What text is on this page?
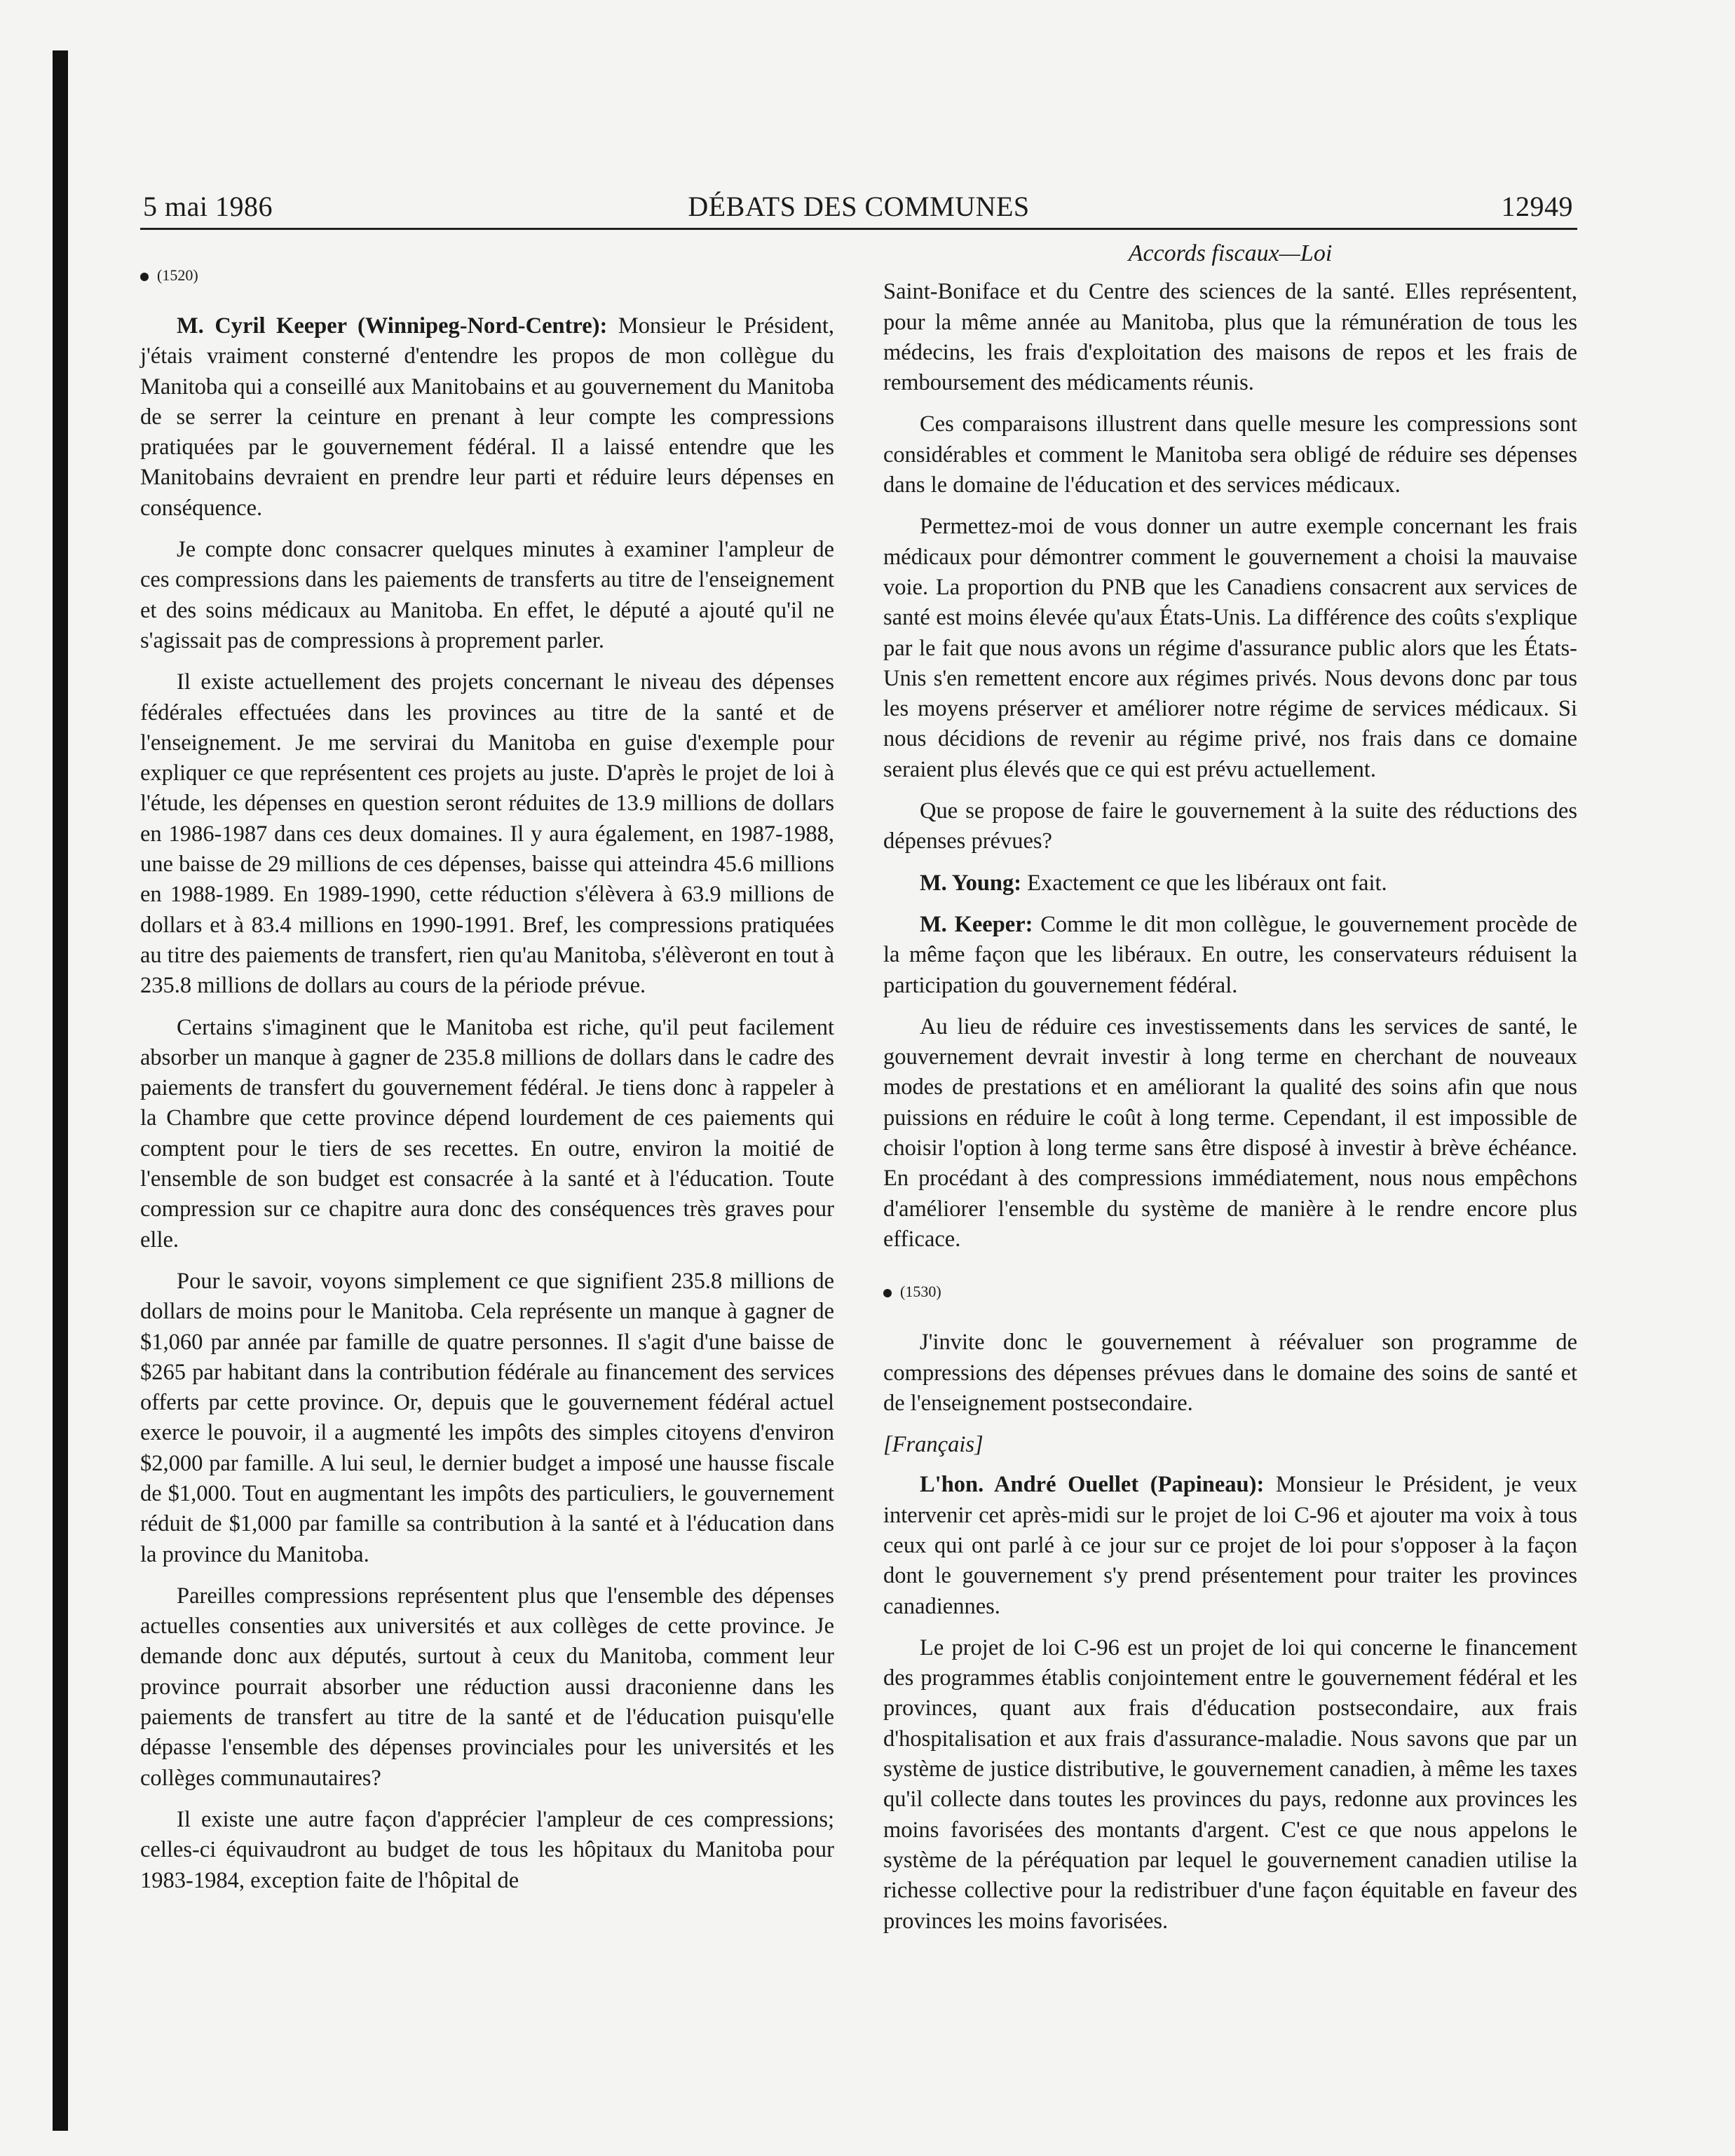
5 mai 1986	DÉBATS DES COMMUNES	12949
(1520)

M. Cyril Keeper (Winnipeg-Nord-Centre): Monsieur le Président, j'étais vraiment consterné d'entendre les propos de mon collègue du Manitoba qui a conseillé aux Manitobains et au gouvernement du Manitoba de se serrer la ceinture en prenant à leur compte les compressions pratiquées par le gouvernement fédéral. Il a laissé entendre que les Manitobains devraient en prendre leur parti et réduire leurs dépenses en conséquence.

Je compte donc consacrer quelques minutes à examiner l'ampleur de ces compressions dans les paiements de transferts au titre de l'enseignement et des soins médicaux au Manitoba. En effet, le député a ajouté qu'il ne s'agissait pas de compressions à proprement parler.

Il existe actuellement des projets concernant le niveau des dépenses fédérales effectuées dans les provinces au titre de la santé et de l'enseignement. Je me servirai du Manitoba en guise d'exemple pour expliquer ce que représentent ces projets au juste. D'après le projet de loi à l'étude, les dépenses en question seront réduites de 13.9 millions de dollars en 1986-1987 dans ces deux domaines. Il y aura également, en 1987-1988, une baisse de 29 millions de ces dépenses, baisse qui atteindra 45.6 millions en 1988-1989. En 1989-1990, cette réduction s'élèvera à 63.9 millions de dollars et à 83.4 millions en 1990-1991. Bref, les compressions pratiquées au titre des paiements de transfert, rien qu'au Manitoba, s'élèveront en tout à 235.8 millions de dollars au cours de la période prévue.

Certains s'imaginent que le Manitoba est riche, qu'il peut facilement absorber un manque à gagner de 235.8 millions de dollars dans le cadre des paiements de transfert du gouvernement fédéral. Je tiens donc à rappeler à la Chambre que cette province dépend lourdement de ces paiements qui comptent pour le tiers de ses recettes. En outre, environ la moitié de l'ensemble de son budget est consacrée à la santé et à l'éducation. Toute compression sur ce chapitre aura donc des conséquences très graves pour elle.

Pour le savoir, voyons simplement ce que signifient 235.8 millions de dollars de moins pour le Manitoba. Cela représente un manque à gagner de $1,060 par année par famille de quatre personnes. Il s'agit d'une baisse de $265 par habitant dans la contribution fédérale au financement des services offerts par cette province. Or, depuis que le gouvernement fédéral actuel exerce le pouvoir, il a augmenté les impôts des simples citoyens d'environ $2,000 par famille. A lui seul, le dernier budget a imposé une hausse fiscale de $1,000. Tout en augmentant les impôts des particuliers, le gouvernement réduit de $1,000 par famille sa contribution à la santé et à l'éducation dans la province du Manitoba.

Pareilles compressions représentent plus que l'ensemble des dépenses actuelles consenties aux universités et aux collèges de cette province. Je demande donc aux députés, surtout à ceux du Manitoba, comment leur province pourrait absorber une réduction aussi draconienne dans les paiements de transfert au titre de la santé et de l'éducation puisqu'elle dépasse l'ensemble des dépenses provinciales pour les universités et les collèges communautaires?

Il existe une autre façon d'apprécier l'ampleur de ces compressions; celles-ci équivaudront au budget de tous les hôpitaux du Manitoba pour 1983-1984, exception faite de l'hôpital de

Accords fiscaux—Loi

Saint-Boniface et du Centre des sciences de la santé. Elles représentent, pour la même année au Manitoba, plus que la rémunération de tous les médecins, les frais d'exploitation des maisons de repos et les frais de remboursement des médicaments réunis.

Ces comparaisons illustrent dans quelle mesure les compressions sont considérables et comment le Manitoba sera obligé de réduire ses dépenses dans le domaine de l'éducation et des services médicaux.

Permettez-moi de vous donner un autre exemple concernant les frais médicaux pour démontrer comment le gouvernement a choisi la mauvaise voie. La proportion du PNB que les Canadiens consacrent aux services de santé est moins élevée qu'aux États-Unis. La différence des coûts s'explique par le fait que nous avons un régime d'assurance public alors que les États-Unis s'en remettent encore aux régimes privés. Nous devons donc par tous les moyens préserver et améliorer notre régime de services médicaux. Si nous décidions de revenir au régime privé, nos frais dans ce domaine seraient plus élevés que ce qui est prévu actuellement.

Que se propose de faire le gouvernement à la suite des réductions des dépenses prévues?

M. Young: Exactement ce que les libéraux ont fait.

M. Keeper: Comme le dit mon collègue, le gouvernement procède de la même façon que les libéraux. En outre, les conservateurs réduisent la participation du gouvernement fédéral.

Au lieu de réduire ces investissements dans les services de santé, le gouvernement devrait investir à long terme en cherchant de nouveaux modes de prestations et en améliorant la qualité des soins afin que nous puissions en réduire le coût à long terme. Cependant, il est impossible de choisir l'option à long terme sans être disposé à investir à brève échéance. En procédant à des compressions immédiatement, nous nous empêchons d'améliorer l'ensemble du système de manière à le rendre encore plus efficace.

(1530)

J'invite donc le gouvernement à réévaluer son programme de compressions des dépenses prévues dans le domaine des soins de santé et de l'enseignement postsecondaire.

[Français]

L'hon. André Ouellet (Papineau): Monsieur le Président, je veux intervenir cet après-midi sur le projet de loi C-96 et ajouter ma voix à tous ceux qui ont parlé à ce jour sur ce projet de loi pour s'opposer à la façon dont le gouvernement s'y prend présentement pour traiter les provinces canadiennes.

Le projet de loi C-96 est un projet de loi qui concerne le financement des programmes établis conjointement entre le gouvernement fédéral et les provinces, quant aux frais d'éducation postsecondaire, aux frais d'hospitalisation et aux frais d'assurance-maladie. Nous savons que par un système de justice distributive, le gouvernement canadien, à même les taxes qu'il collecte dans toutes les provinces du pays, redonne aux provinces les moins favorisées des montants d'argent. C'est ce que nous appelons le système de la péréquation par lequel le gouvernement canadien utilise la richesse collective pour la redistribuer d'une façon équitable en faveur des provinces les moins favorisées.
